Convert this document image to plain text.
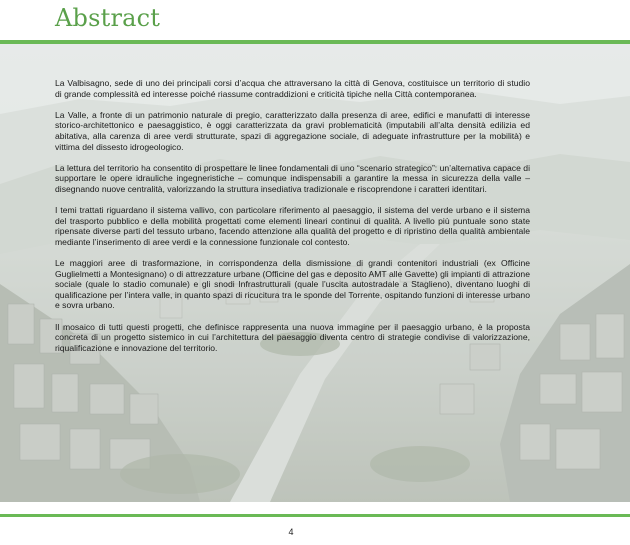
Abstract

La Valbisagno, sede di uno dei principali corsi d’acqua che attraversano la città di Genova, costituisce un territorio di studio di grande complessità ed interesse poiché riassume contraddizioni e criticità tipiche nella Città contemporanea.

La Valle, a fronte di un patrimonio naturale di pregio, caratterizzato dalla presenza di aree, edifici e manufatti di interesse storico-architettonico e paesaggistico, è oggi caratterizzata da gravi problematicità (imputabili all’alta densità edilizia ed abitativa, alla carenza di aree verdi strutturate, spazi di aggregazione sociale, di adeguate infrastrutture per la mobilità) e vittima del dissesto idrogeologico.

La lettura del territorio ha consentito di prospettare le linee fondamentali di uno “scenario strategico”: un’alternativa capace di supportare le opere idrauliche ingegneristiche – comunque indispensabili a garantire la messa in sicurezza della valle – disegnando nuove centralità, valorizzando la struttura insediativa tradizionale e riscoprendone i caratteri identitari.

I temi trattati riguardano il sistema vallivo, con particolare riferimento al paesaggio, il sistema del verde urbano e il sistema del trasporto pubblico e della mobilità progettati come elementi lineari continui di qualità. A livello più puntuale sono state ripensate diverse parti del tessuto urbano, facendo attenzione alla qualità del progetto e di ripristino della qualità ambientale mediante l’inserimento di aree verdi e la connessione funzionale col contesto.

Le maggiori aree di trasformazione, in corrispondenza della dismissione di grandi contenitori industriali (ex Officine Guglielmetti a Montesignano) o di attrezzature urbane (Officine del gas e deposito AMT alle Gavette) gli impianti di attrazione sociale (quale lo stadio comunale) e gli snodi Infrastrutturali (quale l’uscita autostradale a Staglieno), diventano luoghi di qualificazione per l’intera valle, in quanto spazi di ricucitura tra le sponde del Torrente, ospitando funzioni di interesse urbano e sovra urbano.

Il mosaico di tutti questi progetti, che definisce rappresenta una nuova immagine per il paesaggio urbano, è la proposta concreta di un progetto sistemico in cui l’architettura del paesaggio diventa centro di strategie condivise di valorizzazione, riqualificazione e innovazione del territorio.

4
